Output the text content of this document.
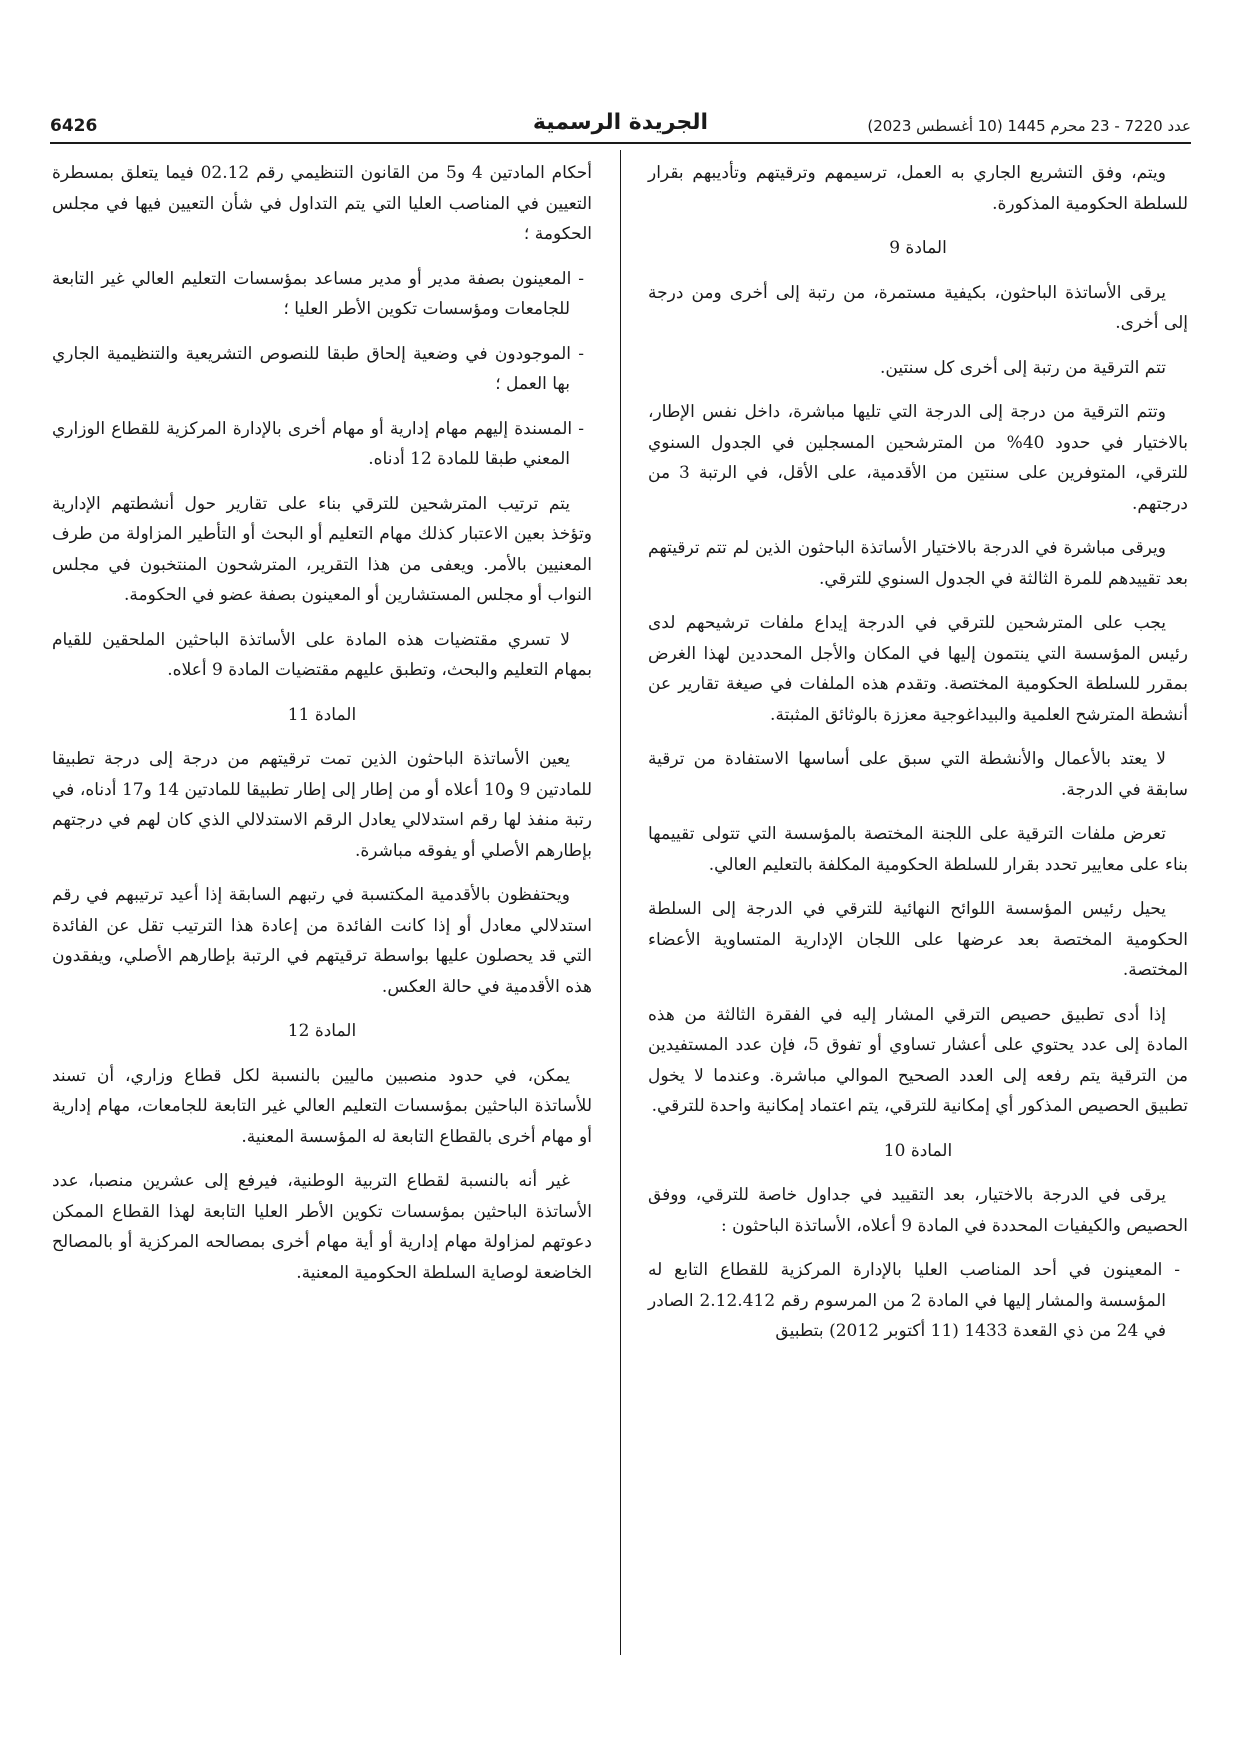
6426	الجريدة الرسمية	عدد 7220 - 23 محرم 1445 (10 أغسطس 2023)

ويتم، وفق التشريع الجاري به العمل، ترسيمهم وترقيتهم وتأديبهم بقرار للسلطة الحكومية المذكورة.

المادة 9

يرقى الأساتذة الباحثون، بكيفية مستمرة، من رتبة إلى أخرى ومن درجة إلى أخرى.

تتم الترقية من رتبة إلى أخرى كل سنتين.

وتتم الترقية من درجة إلى الدرجة التي تليها مباشرة، داخل نفس الإطار، بالاختيار في حدود 40% من المترشحين المسجلين في الجدول السنوي للترقي، المتوفرين على سنتين من الأقدمية، على الأقل، في الرتبة 3 من درجتهم.

ويرقى مباشرة في الدرجة بالاختيار الأساتذة الباحثون الذين لم تتم ترقيتهم بعد تقييدهم للمرة الثالثة في الجدول السنوي للترقي.

يجب على المترشحين للترقي في الدرجة إيداع ملفات ترشيحهم لدى رئيس المؤسسة التي ينتمون إليها في المكان والأجل المحددين لهذا الغرض بمقرر للسلطة الحكومية المختصة. وتقدم هذه الملفات في صيغة تقارير عن أنشطة المترشح العلمية والبيداغوجية معززة بالوثائق المثبتة.

لا يعتد بالأعمال والأنشطة التي سبق على أساسها الاستفادة من ترقية سابقة في الدرجة.

تعرض ملفات الترقية على اللجنة المختصة بالمؤسسة التي تتولى تقييمها بناء على معايير تحدد بقرار للسلطة الحكومية المكلفة بالتعليم العالي.

يحيل رئيس المؤسسة اللوائح النهائية للترقي في الدرجة إلى السلطة الحكومية المختصة بعد عرضها على اللجان الإدارية المتساوية الأعضاء المختصة.

إذا أدى تطبيق حصيص الترقي المشار إليه في الفقرة الثالثة من هذه المادة إلى عدد يحتوي على أعشار تساوي أو تفوق 5، فإن عدد المستفيدين من الترقية يتم رفعه إلى العدد الصحيح الموالي مباشرة. وعندما لا يخول تطبيق الحصيص المذكور أي إمكانية للترقي، يتم اعتماد إمكانية واحدة للترقي.

المادة 10

يرقى في الدرجة بالاختيار، بعد التقييد في جداول خاصة للترقي، ووفق الحصيص والكيفيات المحددة في المادة 9 أعلاه، الأساتذة الباحثون :

- المعينون في أحد المناصب العليا بالإدارة المركزية للقطاع التابع له المؤسسة والمشار إليها في المادة 2 من المرسوم رقم 2.12.412 الصادر في 24 من ذي القعدة 1433 (11 أكتوبر 2012) بتطبيق

أحكام المادتين 4 و5 من القانون التنظيمي رقم 02.12 فيما يتعلق بمسطرة التعيين في المناصب العليا التي يتم التداول في شأن التعيين فيها في مجلس الحكومة ؛

- المعينون بصفة مدير أو مدير مساعد بمؤسسات التعليم العالي غير التابعة للجامعات ومؤسسات تكوين الأطر العليا ؛

- الموجودون في وضعية إلحاق طبقا للنصوص التشريعية والتنظيمية الجاري بها العمل ؛

- المسندة إليهم مهام إدارية أو مهام أخرى بالإدارة المركزية للقطاع الوزاري المعني طبقا للمادة 12 أدناه.

يتم ترتيب المترشحين للترقي بناء على تقارير حول أنشطتهم الإدارية وتؤخذ بعين الاعتبار كذلك مهام التعليم أو البحث أو التأطير المزاولة من طرف المعنيين بالأمر. ويعفى من هذا التقرير، المترشحون المنتخبون في مجلس النواب أو مجلس المستشارين أو المعينون بصفة عضو في الحكومة.

لا تسري مقتضيات هذه المادة على الأساتذة الباحثين الملحقين للقيام بمهام التعليم والبحث، وتطبق عليهم مقتضيات المادة 9 أعلاه.

المادة 11

يعين الأساتذة الباحثون الذين تمت ترقيتهم من درجة إلى درجة تطبيقا للمادتين 9 و10 أعلاه أو من إطار إلى إطار تطبيقا للمادتين 14 و17 أدناه، في رتبة منفذ لها رقم استدلالي يعادل الرقم الاستدلالي الذي كان لهم في درجتهم بإطارهم الأصلي أو يفوقه مباشرة.

ويحتفظون بالأقدمية المكتسبة في رتبهم السابقة إذا أعيد ترتيبهم في رقم استدلالي معادل أو إذا كانت الفائدة من إعادة هذا الترتيب تقل عن الفائدة التي قد يحصلون عليها بواسطة ترقيتهم في الرتبة بإطارهم الأصلي، ويفقدون هذه الأقدمية في حالة العكس.

المادة 12

يمكن، في حدود منصبين ماليين بالنسبة لكل قطاع وزاري، أن تسند للأساتذة الباحثين بمؤسسات التعليم العالي غير التابعة للجامعات، مهام إدارية أو مهام أخرى بالقطاع التابعة له المؤسسة المعنية.

غير أنه بالنسبة لقطاع التربية الوطنية، فيرفع إلى عشرين منصبا، عدد الأساتذة الباحثين بمؤسسات تكوين الأطر العليا التابعة لهذا القطاع الممكن دعوتهم لمزاولة مهام إدارية أو أية مهام أخرى بمصالحه المركزية أو بالمصالح الخاضعة لوصاية السلطة الحكومية المعنية.
